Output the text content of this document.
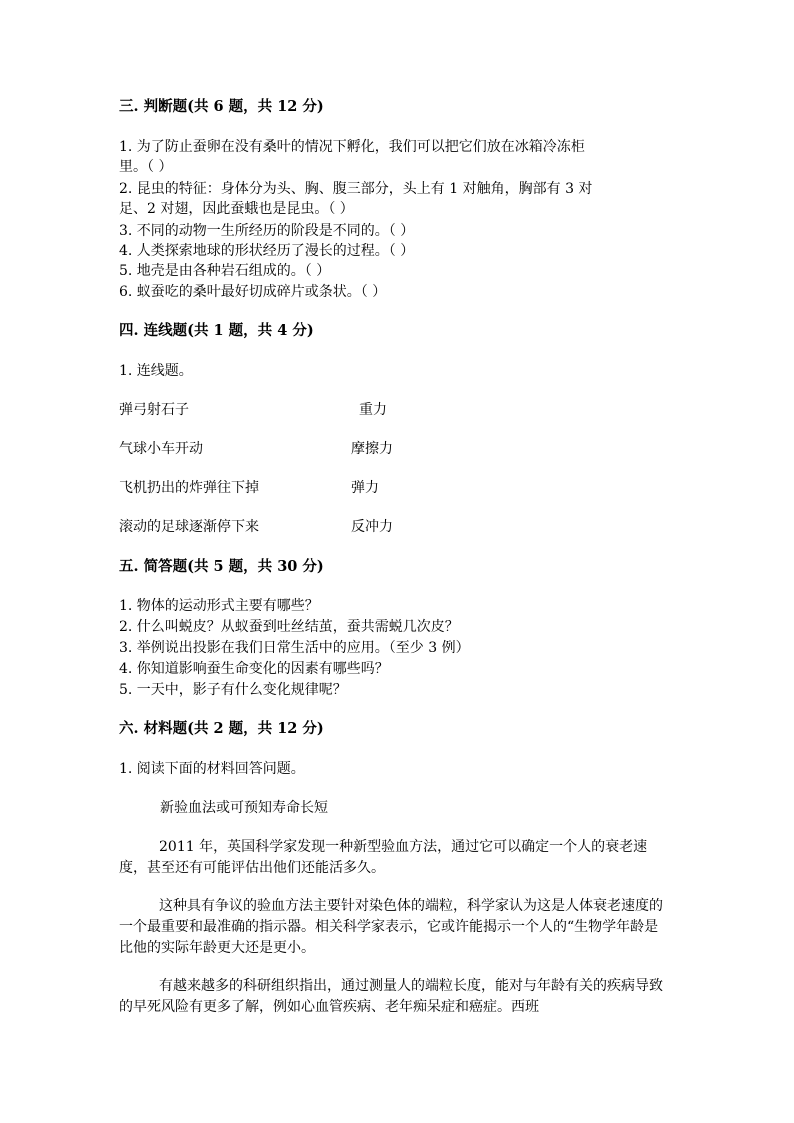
三. 判断题(共 6 题，共 12 分)
1. 为了防止蚕卵在没有桑叶的情况下孵化，我们可以把它们放在冰箱冷冻柜
里。（ ）
2. 昆虫的特征：身体分为头、胸、腹三部分，头上有 1 对触角，胸部有 3 对
足、2 对翅，因此蚕蛾也是昆虫。（ ）
3. 不同的动物一生所经历的阶段是不同的。（ ）
4. 人类探索地球的形状经历了漫长的过程。（ ）
5. 地壳是由各种岩石组成的。（ ）
6. 蚁蚕吃的桑叶最好切成碎片或条状。（ ）
四. 连线题(共 1 题，共 4 分)
1. 连线题。
弹弓射石子	重力
气球小车开动	摩擦力
飞机扔出的炸弹往下掉	弹力
滚动的足球逐渐停下来	反冲力
五. 简答题(共 5 题，共 30 分)
1. 物体的运动形式主要有哪些？
2. 什么叫蜕皮？从蚁蚕到吐丝结茧，蚕共需蜕几次皮？
3. 举例说出投影在我们日常生活中的应用。（至少 3 例）
4. 你知道影响蚕生命变化的因素有哪些吗？
5. 一天中，影子有什么变化规律呢？
六. 材料题(共 2 题，共 12 分)
1. 阅读下面的材料回答问题。
新验血法或可预知寿命长短
2011 年，英国科学家发现一种新型验血方法，通过它可以确定一个人的衰老速度，甚至还有可能评估出他们还能活多久。
这种具有争议的验血方法主要针对染色体的端粒，科学家认为这是人体衰老速度的一个最重要和最准确的指示器。相关科学家表示，它或许能揭示一个人的“生物学年龄是比他的实际年龄更大还是更小。
有越来越多的科研组织指出，通过测量人的端粒长度，能对与年龄有关的疾病导致的早死风险有更多了解，例如心血管疾病、老年痴呆症和癌症。西班
